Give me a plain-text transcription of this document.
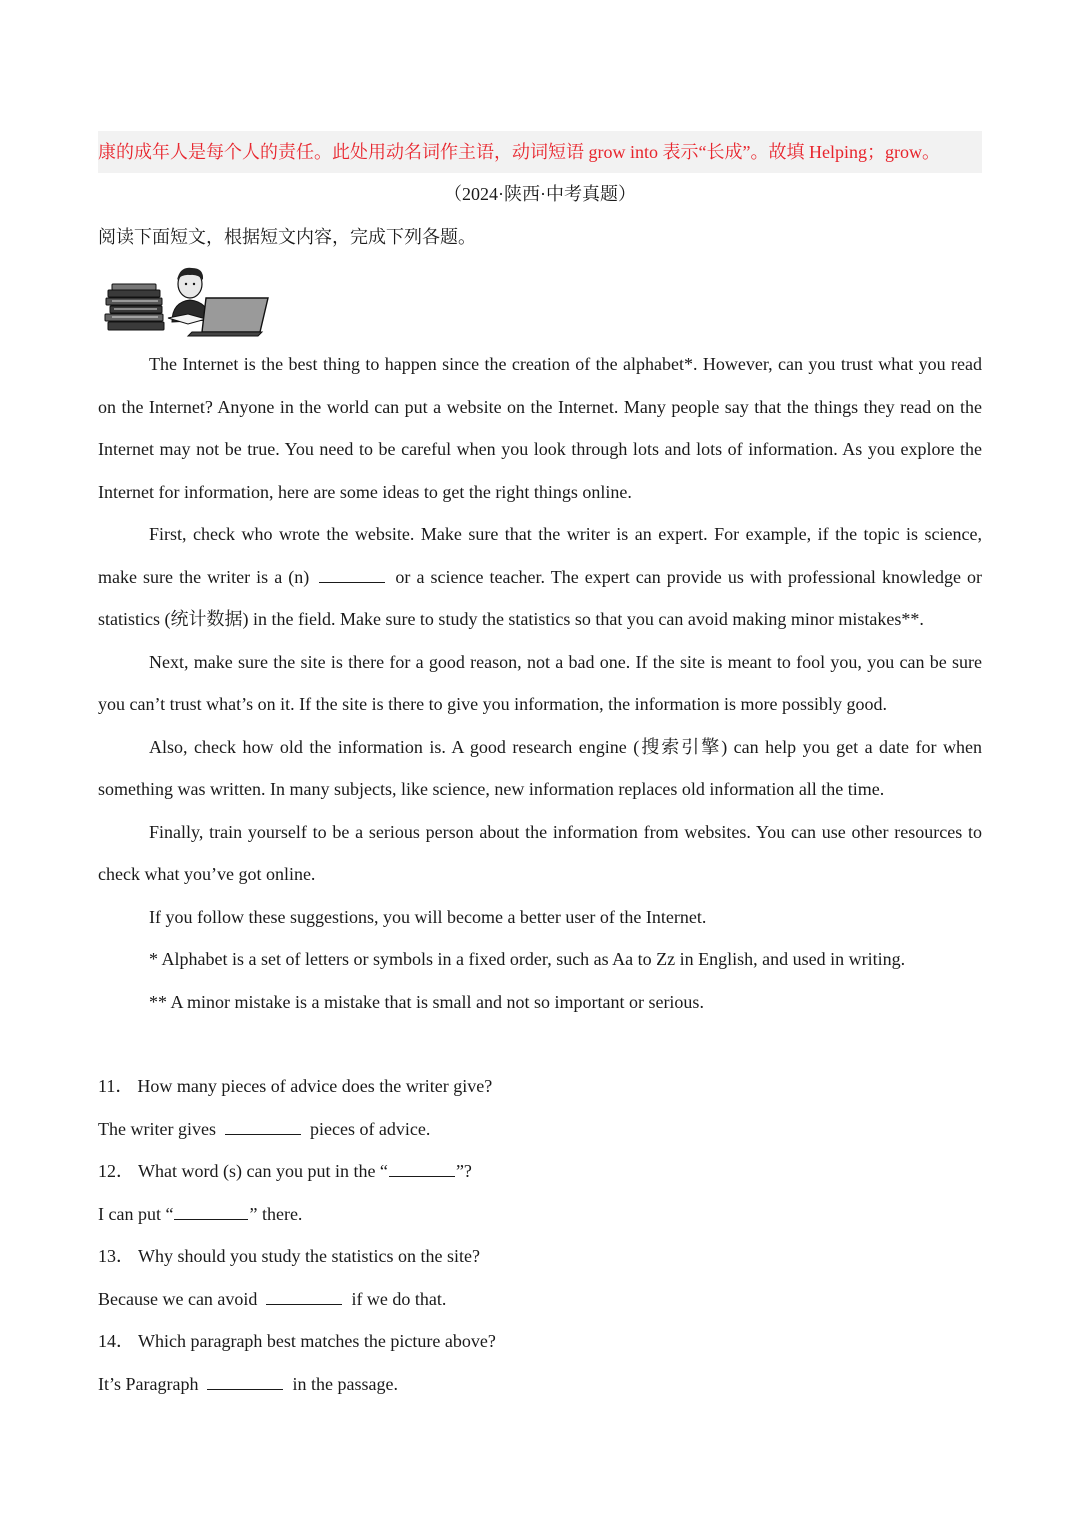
康的成年人是每个人的责任。此处用动名词作主语，动词短语 grow into 表示“长成”。故填 Helping；grow。
（2024·陕西·中考真题）
阅读下面短文，根据短文内容，完成下列各题。

The Internet is the best thing to happen since the creation of the alphabet*. However, can you trust what you read on the Internet? Anyone in the world can put a website on the Internet. Many people say that the things they read on the Internet may not be true. You need to be careful when you look through lots and lots of information. As you explore the Internet for information, here are some ideas to get the right things online.

First, check who wrote the website. Make sure that the writer is an expert. For example, if the topic is science, make sure the writer is a (n)	or a science teacher. The expert can provide us with professional knowledge or statistics (统计数据) in the field. Make sure to study the statistics so that you can avoid making minor mistakes**.

Next, make sure the site is there for a good reason, not a bad one. If the site is meant to fool you, you can be sure you can’t trust what’s on it. If the site is there to give you information, the information is more possibly good.

Also, check how old the information is. A good research engine (搜索引擎) can help you get a date for when something was written. In many subjects, like science, new information replaces old information all the time.

Finally, train yourself to be a serious person about the information from websites. You can use other resources to check what you’ve got online.

If you follow these suggestions, you will become a better user of the Internet.

* Alphabet is a set of letters or symbols in a fixed order, such as Aa to Zz in English, and used in writing.

** A minor mistake is a mistake that is small and not so important or serious.

11． How many pieces of advice does the writer give?
The writer gives	pieces of advice.
12． What word (s) can you put in the “	”?
I can put “	” there.
13． Why should you study the statistics on the site?
Because we can avoid	if we do that.
14． Which paragraph best matches the picture above?
It’s Paragraph	in the passage.
